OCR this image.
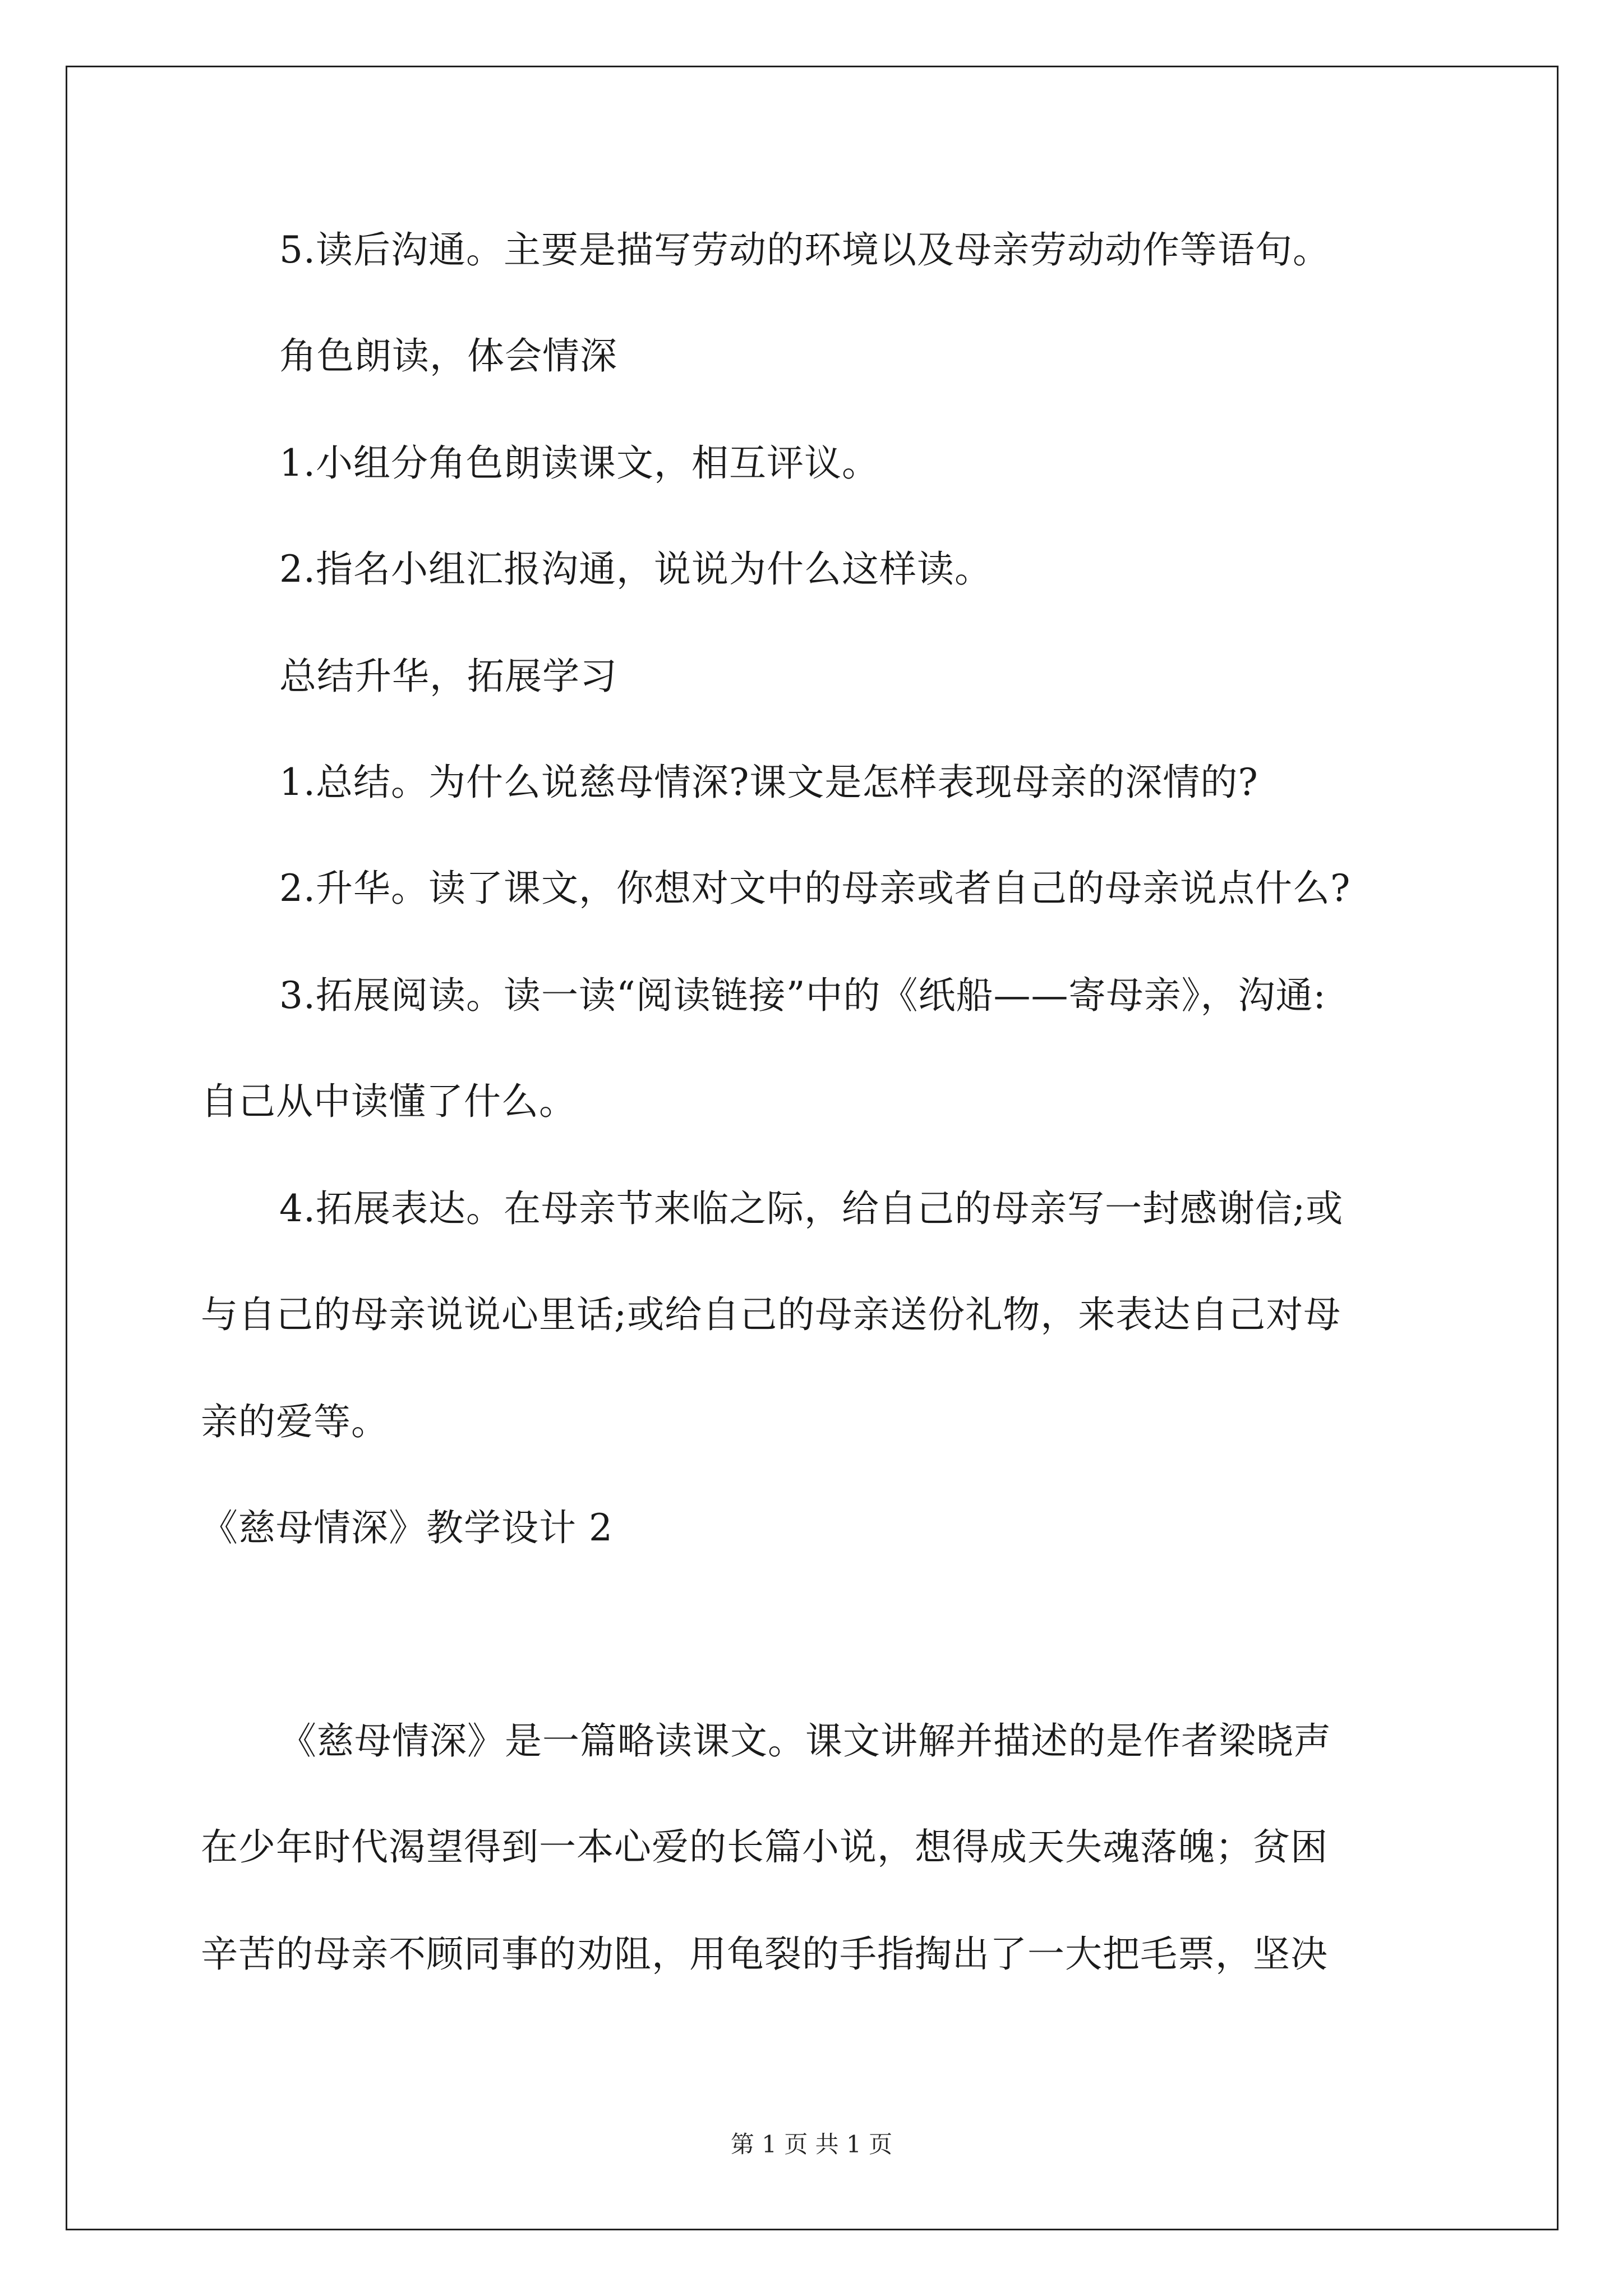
5.读后沟通。主要是描写劳动的环境以及母亲劳动动作等语句。
角色朗读，体会情深
1.小组分角色朗读课文，相互评议。
2.指名小组汇报沟通，说说为什么这样读。
总结升华，拓展学习
1.总结。为什么说慈母情深?课文是怎样表现母亲的深情的?
2.升华。读了课文，你想对文中的母亲或者自己的母亲说点什么?
3.拓展阅读。读一读“阅读链接”中的《纸船——寄母亲》，沟通:
自己从中读懂了什么。
4.拓展表达。在母亲节来临之际，给自己的母亲写一封感谢信;或
与自己的母亲说说心里话;或给自己的母亲送份礼物，来表达自己对母
亲的爱等。
《慈母情深》教学设计 2
《慈母情深》是一篇略读课文。课文讲解并描述的是作者梁晓声
在少年时代渴望得到一本心爱的长篇小说，想得成天失魂落魄；贫困
辛苦的母亲不顾同事的劝阻，用龟裂的手指掏出了一大把毛票，坚决
第 1 页 共 1 页
